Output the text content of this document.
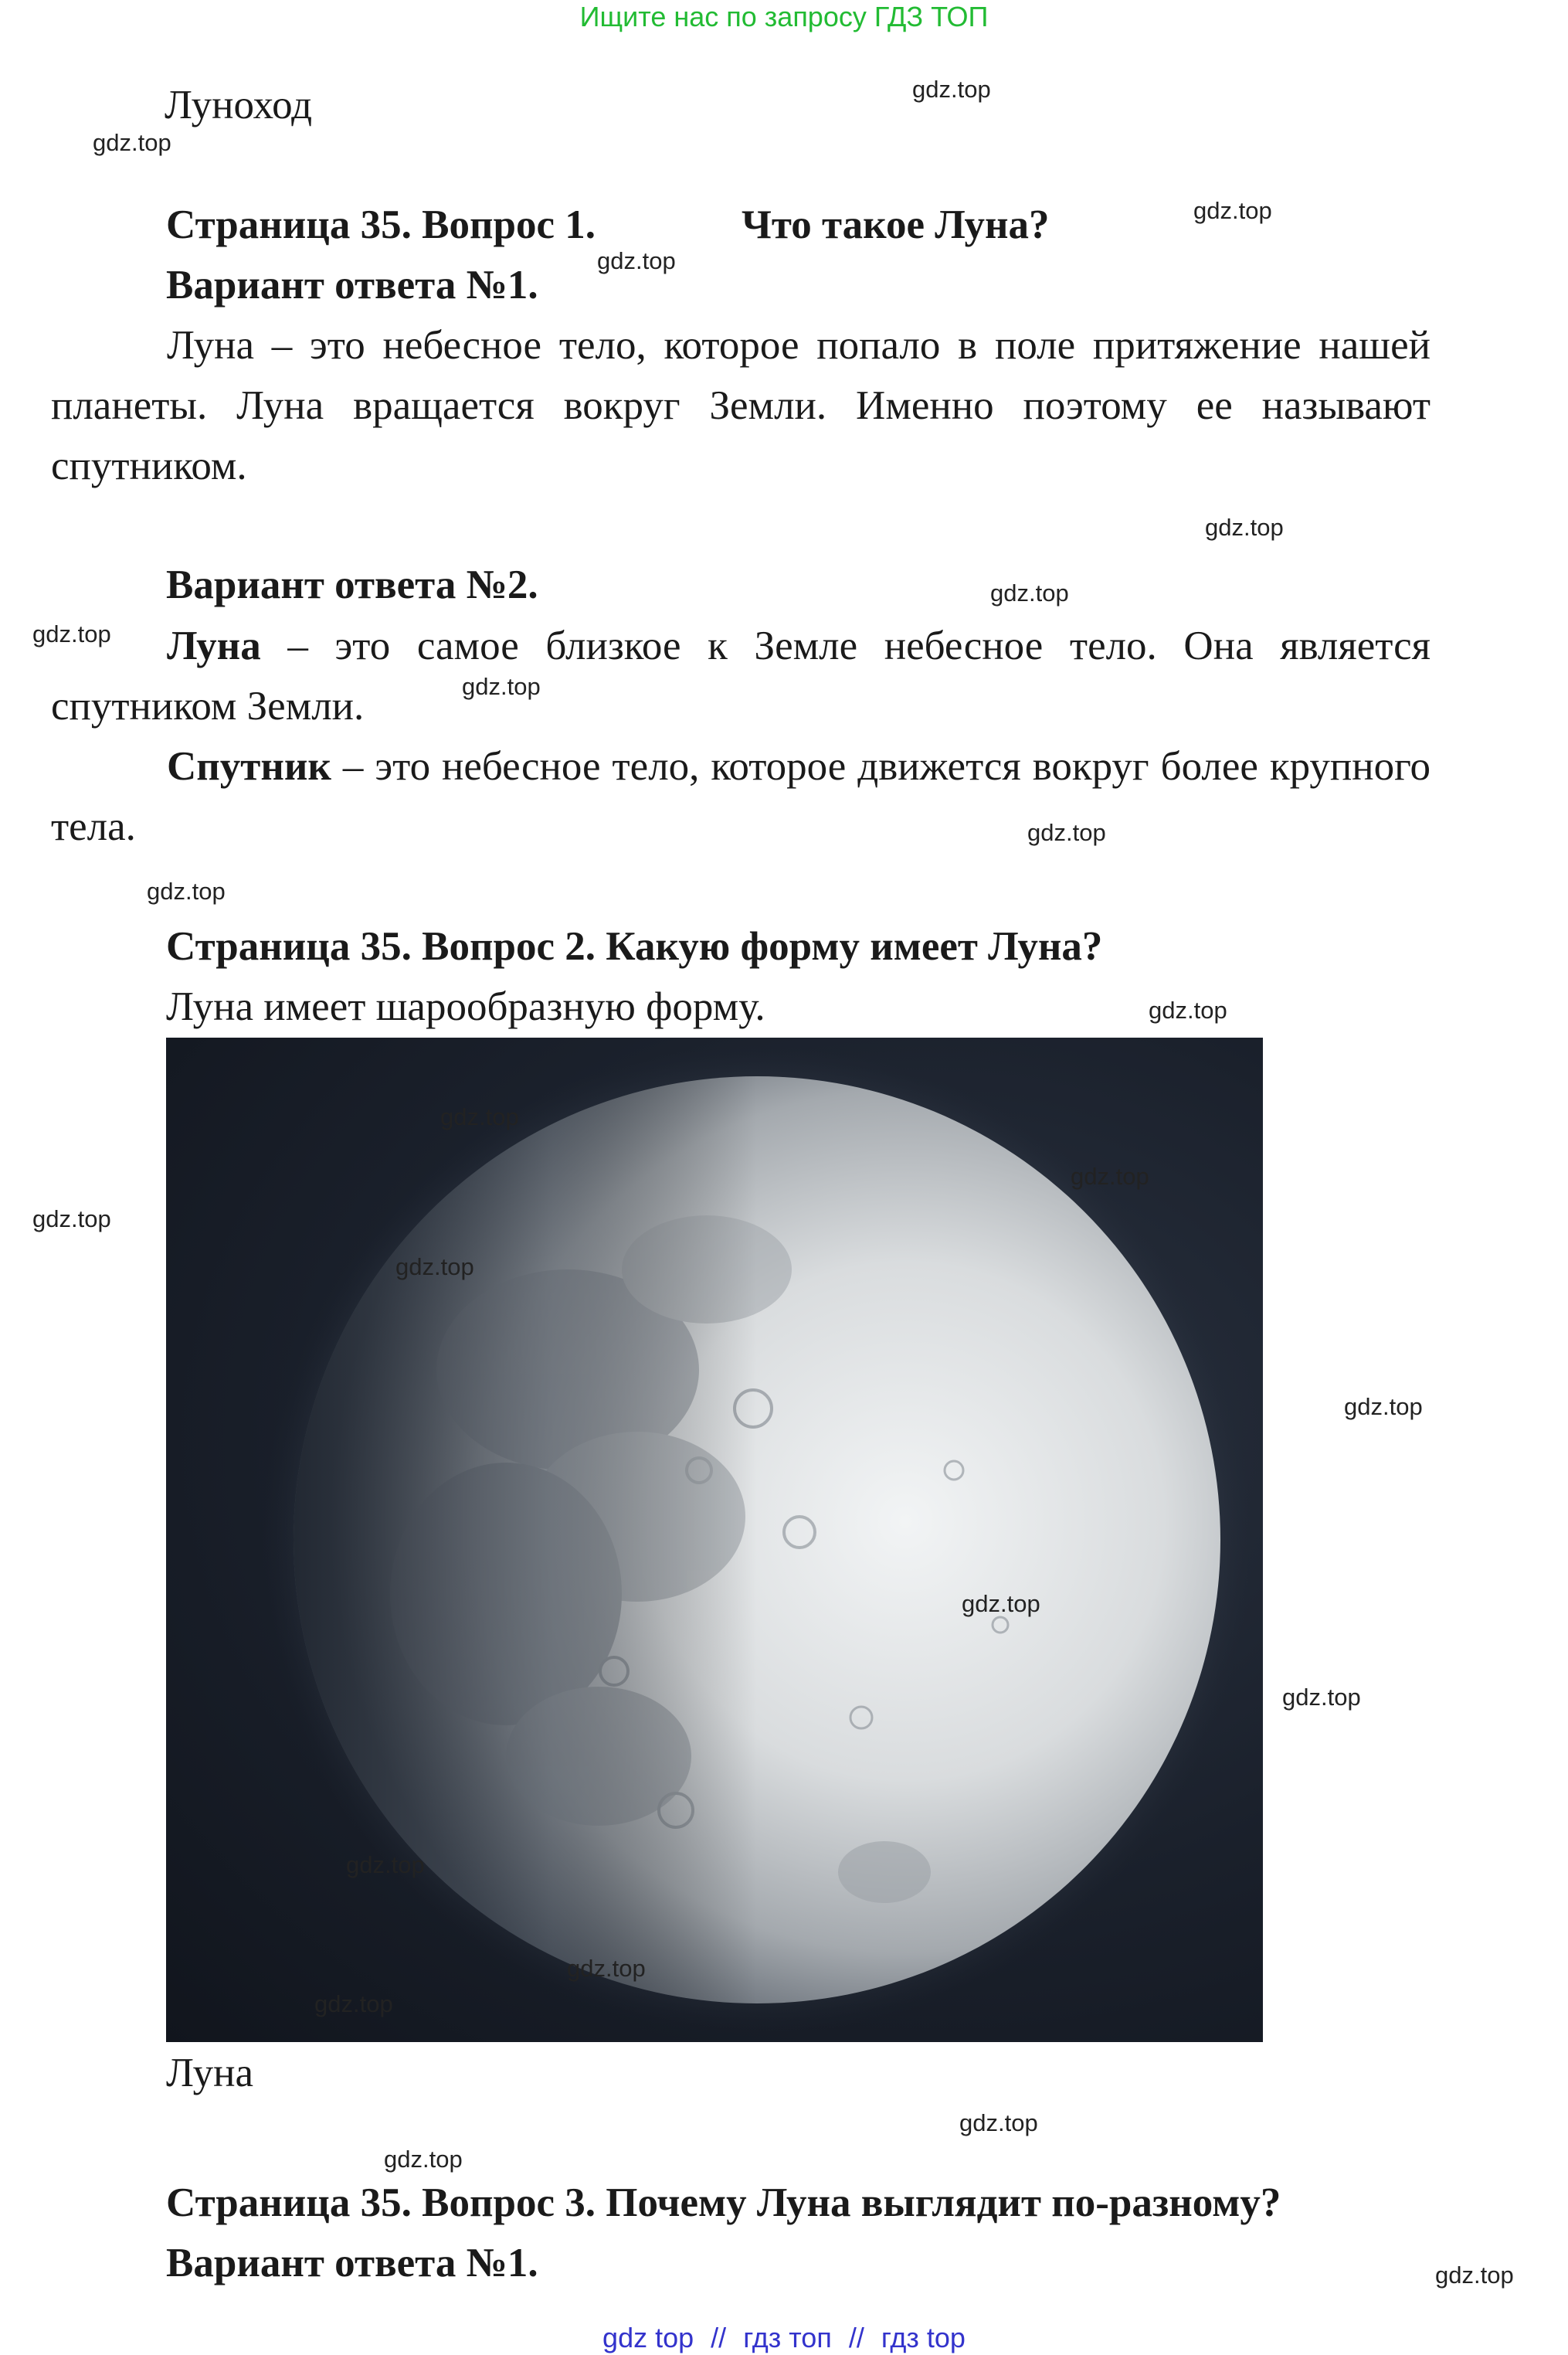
Ищите нас по запросу ГДЗ ТОП
Луноход
Страница 35. Вопрос 1.	Что такое Луна?
Вариант ответа №1.
Луна – это небесное тело, которое попало в поле притяжение нашей планеты. Луна вращается вокруг Земли. Именно поэтому ее называют спутником.
Вариант ответа №2.
Луна – это самое близкое к Земле небесное тело. Она является спутником Земли.
Спутник – это небесное тело, которое движется вокруг более крупного тела.
Страница 35. Вопрос 2. Какую форму имеет Луна?
Луна имеет шарообразную форму.
Луна
Страница 35. Вопрос 3. Почему Луна выглядит по-разному?
Вариант ответа №1.
gdz.top
gdz.top
gdz.top
gdz.top
gdz.top
gdz.top
gdz.top
gdz.top
gdz.top
gdz.top
gdz.top
gdz.top
gdz.top
gdz.top
gdz.top
gdz.top
gdz.top
gdz.top
gdz.top
gdz.top
gdz.top
gdz.top
gdz.top
gdz.top
gdz top // гдз топ // гдз top
